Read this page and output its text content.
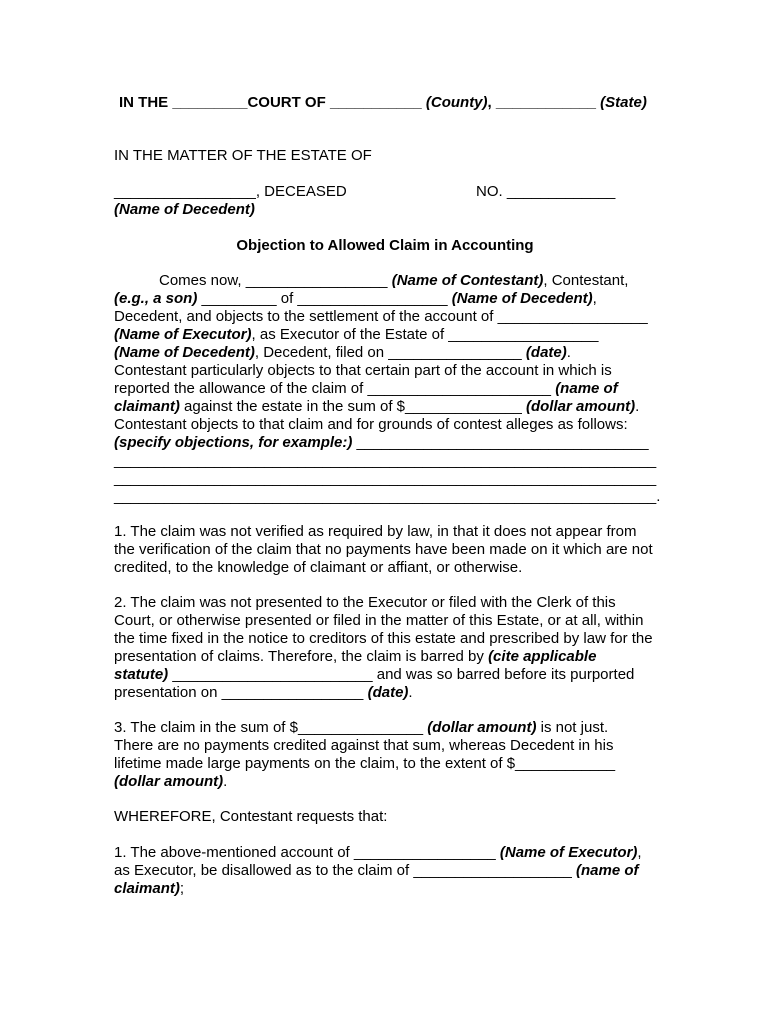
IN THE _________COURT OF ___________ (County), ____________ (State)
IN THE MATTER OF THE ESTATE OF
_________________, DECEASED	NO. _____________
(Name of Decedent)
Objection to Allowed Claim in Accounting
Comes now, _________________ (Name of Contestant), Contestant,
(e.g., a son) _________ of __________________ (Name of Decedent),
Decedent, and objects to the settlement of the account of __________________
(Name of Executor), as Executor of the Estate of __________________
(Name of Decedent), Decedent, filed on ________________ (date).
Contestant particularly objects to that certain part of the account in which is
reported the allowance of the claim of ______________________ (name of
claimant) against the estate in the sum of $______________ (dollar amount).
Contestant objects to that claim and for grounds of contest alleges as follows:
(specify objections, for example:) ___________________________________
_________________________________________________________________
_________________________________________________________________
_________________________________________________________________.
1. The claim was not verified as required by law, in that it does not appear from
the verification of the claim that no payments have been made on it which are not
credited, to the knowledge of claimant or affiant, or otherwise.
2. The claim was not presented to the Executor or filed with the Clerk of this
Court, or otherwise presented or filed in the matter of this Estate, or at all, within
the time fixed in the notice to creditors of this estate and prescribed by law for the
presentation of claims. Therefore, the claim is barred by (cite applicable
statute) ________________________ and was so barred before its purported
presentation on _________________ (date).
3. The claim in the sum of $_______________ (dollar amount) is not just.
There are no payments credited against that sum, whereas Decedent in his
lifetime made large payments on the claim, to the extent of $____________
(dollar amount).
WHEREFORE, Contestant requests that:
1. The above-mentioned account of _________________ (Name of Executor),
as Executor, be disallowed as to the claim of ___________________ (name of
claimant);
